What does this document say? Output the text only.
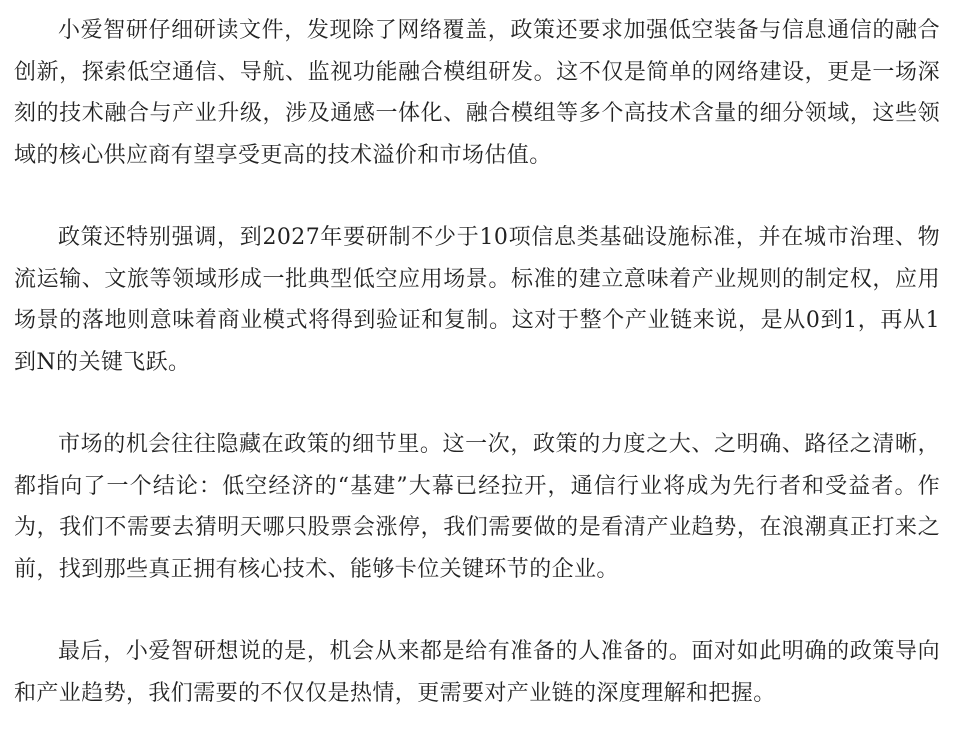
小爱智研仔细研读文件，发现除了网络覆盖，政策还要求加强低空装备与信息通信的融合创新，探索低空通信、导航、监视功能融合模组研发。这不仅是简单的网络建设，更是一场深刻的技术融合与产业升级，涉及通感一体化、融合模组等多个高技术含量的细分领域，这些领域的核心供应商有望享受更高的技术溢价和市场估值。

政策还特别强调，到2027年要研制不少于10项信息类基础设施标准，并在城市治理、物流运输、文旅等领域形成一批典型低空应用场景。标准的建立意味着产业规则的制定权，应用场景的落地则意味着商业模式将得到验证和复制。这对于整个产业链来说，是从0到1，再从1到N的关键飞跃。

市场的机会往往隐藏在政策的细节里。这一次，政策的力度之大、之明确、路径之清晰，都指向了一个结论：低空经济的“基建”大幕已经拉开，通信行业将成为先行者和受益者。作为，我们不需要去猜明天哪只股票会涨停，我们需要做的是看清产业趋势，在浪潮真正打来之前，找到那些真正拥有核心技术、能够卡位关键环节的企业。

最后，小爱智研想说的是，机会从来都是给有准备的人准备的。面对如此明确的政策导向和产业趋势，我们需要的不仅仅是热情，更需要对产业链的深度理解和把握。
